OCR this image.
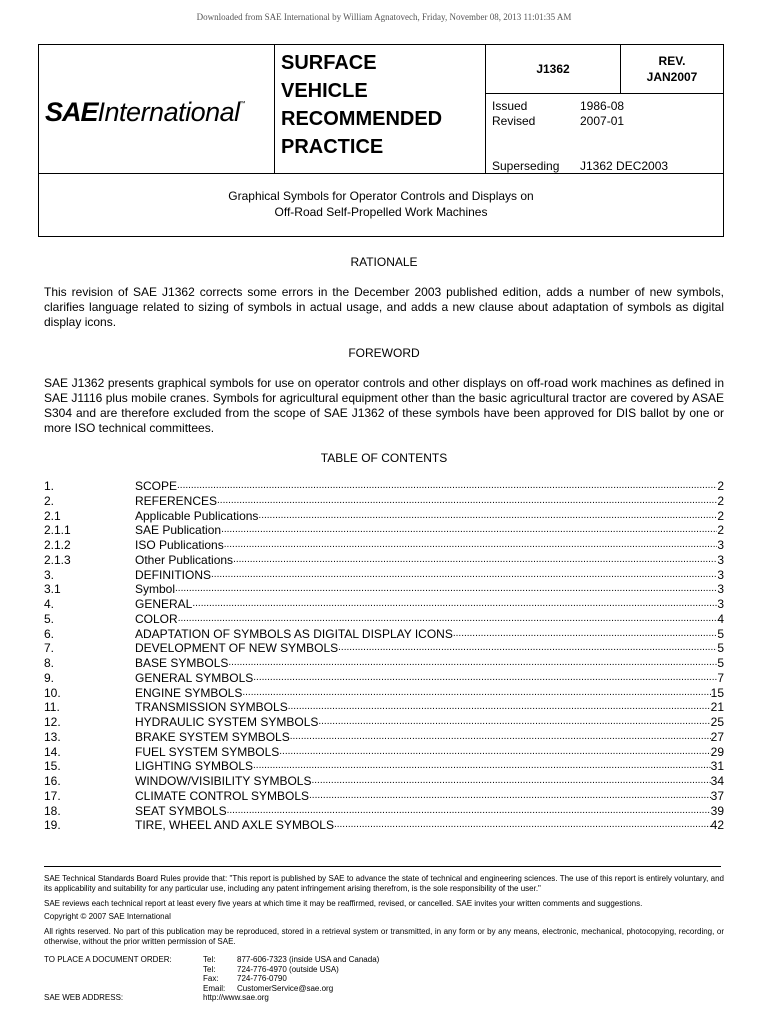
Downloaded from SAE International by William Agnatovech, Friday, November 08, 2013 11:01:35 AM
SAEInternational™
SURFACE
VEHICLE
RECOMMENDED
PRACTICE
J1362
REV.
JAN2007
Issued	1986-08
Revised	2007-01
Superseding J1362 DEC2003
Graphical Symbols for Operator Controls and Displays on
Off-Road Self-Propelled Work Machines
RATIONALE
This revision of SAE J1362 corrects some errors in the December 2003 published edition, adds a number of new symbols, clarifies language related to sizing of symbols in actual usage, and adds a new clause about adaptation of symbols as digital display icons.
FOREWORD
SAE J1362 presents graphical symbols for use on operator controls and other displays on off-road work machines as defined in SAE J1116 plus mobile cranes. Symbols for agricultural equipment other than the basic agricultural tractor are covered by ASAE S304 and are therefore excluded from the scope of SAE J1362 of these symbols have been approved for DIS ballot by one or more ISO technical committees.
TABLE OF CONTENTS
1.	SCOPE .....	2
2.	REFERENCES .....	2
2.1	Applicable Publications .....	2
2.1.1	SAE Publication .....	2
2.1.2	ISO Publications .....	3
2.1.3	Other Publications .....	3
3.	DEFINITIONS .....	3
3.1	Symbol .....	3
4.	GENERAL .....	3
5.	COLOR .....	4
6.	ADAPTATION OF SYMBOLS AS DIGITAL DISPLAY ICONS .....	5
7.	DEVELOPMENT OF NEW SYMBOLS .....	5
8.	BASE SYMBOLS .....	5
9.	GENERAL SYMBOLS .....	7
10.	ENGINE SYMBOLS .....	15
11.	TRANSMISSION SYMBOLS .....	21
12.	HYDRAULIC SYSTEM SYMBOLS .....	25
13.	BRAKE SYSTEM SYMBOLS .....	27
14.	FUEL SYSTEM SYMBOLS .....	29
15.	LIGHTING SYMBOLS .....	31
16.	WINDOW/VISIBILITY SYMBOLS .....	34
17.	CLIMATE CONTROL SYMBOLS .....	37
18.	SEAT SYMBOLS .....	39
19.	TIRE, WHEEL AND AXLE SYMBOLS .....	42
SAE Technical Standards Board Rules provide that: "This report is published by SAE to advance the state of technical and engineering sciences. The use of this report is entirely voluntary, and its applicability and suitability for any particular use, including any patent infringement arising therefrom, is the sole responsibility of the user."
SAE reviews each technical report at least every five years at which time it may be reaffirmed, revised, or cancelled. SAE invites your written comments and suggestions.
Copyright © 2007 SAE International
All rights reserved. No part of this publication may be reproduced, stored in a retrieval system or transmitted, in any form or by any means, electronic, mechanical, photocopying, recording, or otherwise, without the prior written permission of SAE.
TO PLACE A DOCUMENT ORDER:	Tel:	877-606-7323 (inside USA and Canada)
Tel:	724-776-4970 (outside USA)
Fax: 724-776-0790
Email: CustomerService@sae.org
SAE WEB ADDRESS:	http://www.sae.org
